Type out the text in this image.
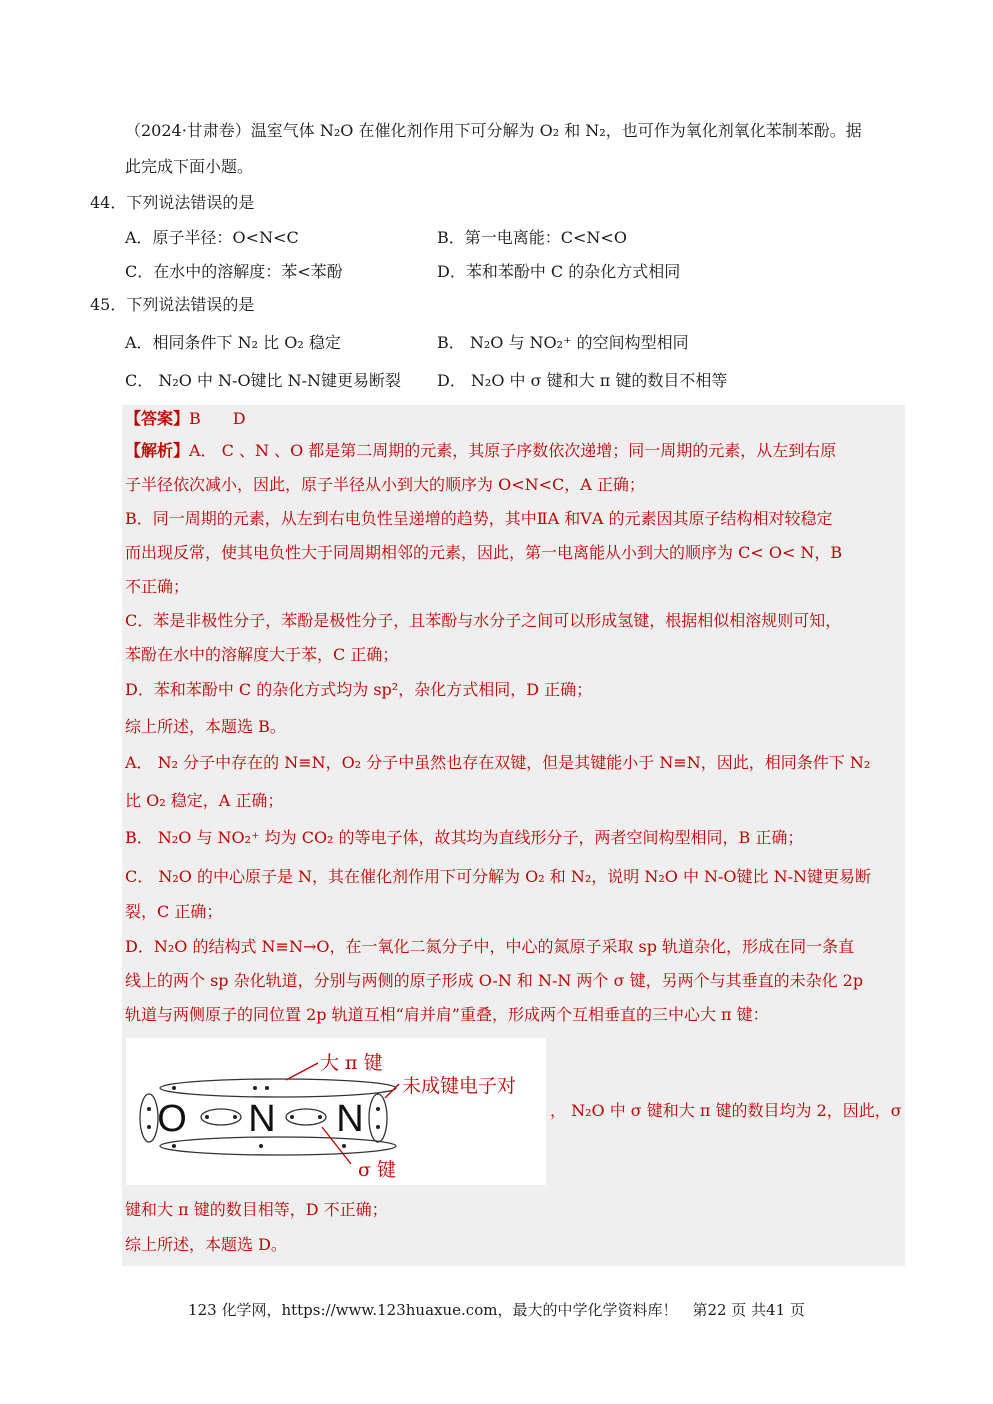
（2024·甘肃卷）温室气体 N₂O 在催化剂作用下可分解为 O₂ 和 N₂，也可作为氧化剂氧化苯制苯酚。据
此完成下面小题。
44．下列说法错误的是
A．原子半径：O<N<C	B．第一电离能：C<N<O
C．在水中的溶解度：苯<苯酚	D．苯和苯酚中 C 的杂化方式相同
45．下列说法错误的是
A．相同条件下 N₂ 比 O₂ 稳定	B． N₂O 与 NO₂⁺ 的空间构型相同
C． N₂O 中 N-O键比 N-N键更易断裂 D． N₂O 中 σ 键和大 π 键的数目不相等
【答案】B　　D
【解析】A． C 、N 、O 都是第二周期的元素，其原子序数依次递增；同一周期的元素，从左到右原
子半径依次减小，因此，原子半径从小到大的顺序为 O<N<C，A 正确；
B．同一周期的元素，从左到右电负性呈递增的趋势，其中ⅡA 和ⅤA 的元素因其原子结构相对较稳定
而出现反常，使其电负性大于同周期相邻的元素，因此，第一电离能从小到大的顺序为 C< O< N，B
不正确；
C．苯是非极性分子，苯酚是极性分子，且苯酚与水分子之间可以形成氢键，根据相似相溶规则可知，
苯酚在水中的溶解度大于苯，C 正确；
D．苯和苯酚中 C 的杂化方式均为 sp²，杂化方式相同，D 正确；
综上所述，本题选 B。
A． N₂ 分子中存在的 N≡N，O₂ 分子中虽然也存在双键，但是其键能小于 N≡N，因此，相同条件下 N₂
比 O₂ 稳定，A 正确；
B． N₂O 与 NO₂⁺ 均为 CO₂ 的等电子体，故其均为直线形分子，两者空间构型相同，B 正确；
C． N₂O 的中心原子是 N，其在催化剂作用下可分解为 O₂ 和 N₂，说明 N₂O 中 N-O键比 N-N键更易断
裂，C 正确；
D．N₂O 的结构式 N≡N→O，在一氧化二氮分子中，中心的氮原子采取 sp 轨道杂化，形成在同一条直
线上的两个 sp 杂化轨道，分别与两侧的原子形成 O-N 和 N-N 两个 σ 键，另两个与其垂直的未杂化 2p
轨道与两侧原子的同位置 2p 轨道互相“肩并肩”重叠，形成两个互相垂直的三中心大 π 键：
O N N
大 π 键
未成键电子对
σ 键
， N₂O 中 σ 键和大 π 键的数目均为 2，因此，σ
键和大 π 键的数目相等，D 不正确；
综上所述，本题选 D。
123 化学网，https://www.123huaxue.com，最大的中学化学资料库！　第22 页 共41 页
